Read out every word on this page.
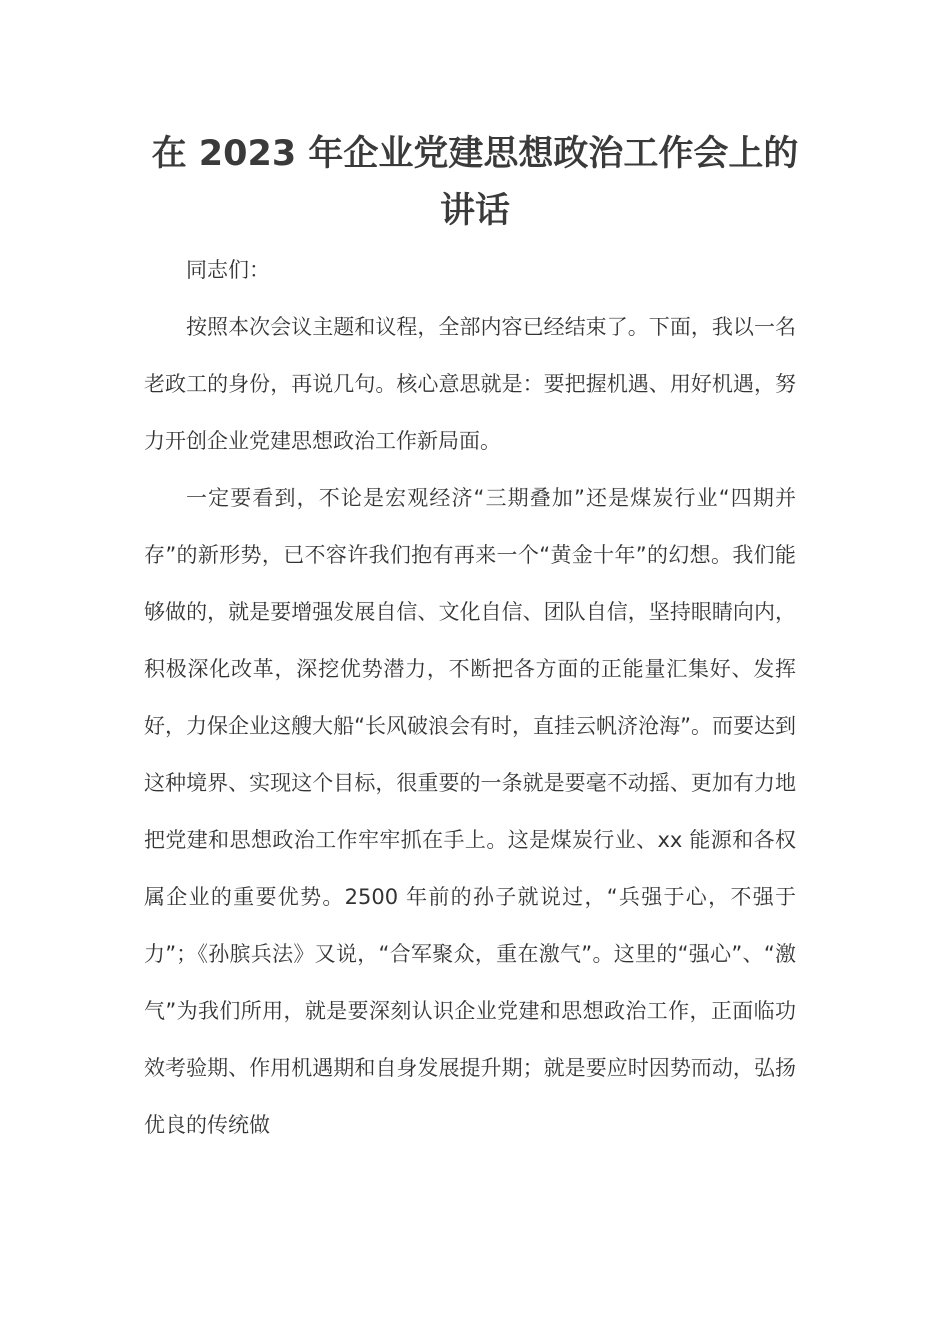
在 2023 年企业党建思想政治工作会上的讲话

同志们：

按照本次会议主题和议程，全部内容已经结束了。下面，我以一名老政工的身份，再说几句。核心意思就是：要把握机遇、用好机遇，努力开创企业党建思想政治工作新局面。

一定要看到，不论是宏观经济“三期叠加”还是煤炭行业“四期并存”的新形势，已不容许我们抱有再来一个“黄金十年”的幻想。我们能够做的，就是要增强发展自信、文化自信、团队自信，坚持眼睛向内，积极深化改革，深挖优势潜力，不断把各方面的正能量汇集好、发挥好，力保企业这艘大船“长风破浪会有时，直挂云帆济沧海”。而要达到这种境界、实现这个目标，很重要的一条就是要毫不动摇、更加有力地把党建和思想政治工作牢牢抓在手上。这是煤炭行业、xx 能源和各权属企业的重要优势。2500 年前的孙子就说过，“兵强于心，不强于力”；《孙膑兵法》又说，“合军聚众，重在激气”。这里的“强心”、“激气”为我们所用，就是要深刻认识企业党建和思想政治工作，正面临功效考验期、作用机遇期和自身发展提升期；就是要应时因势而动，弘扬优良的传统做
